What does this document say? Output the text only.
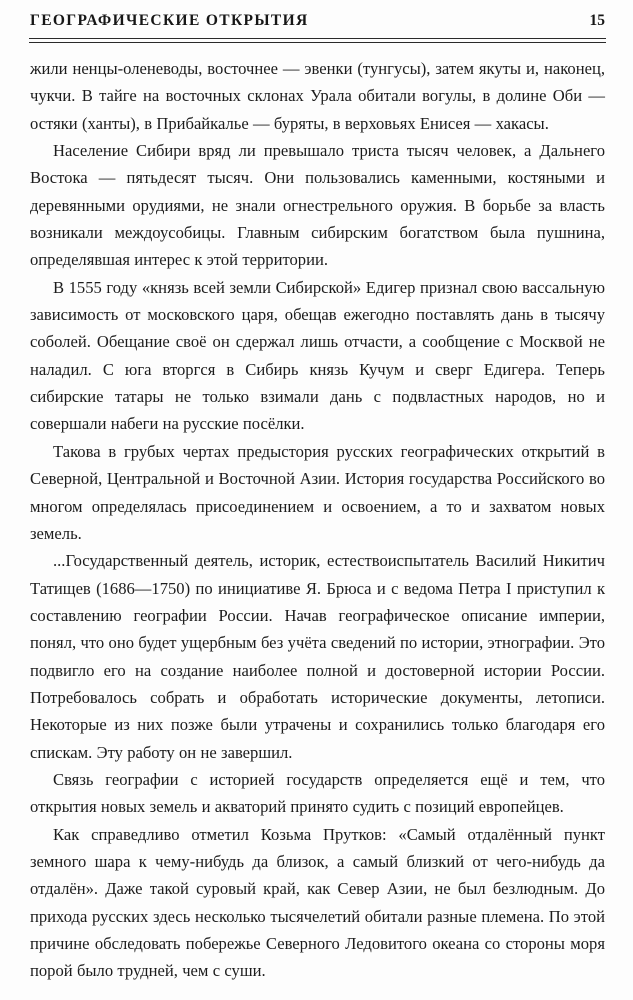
ГЕОГРАФИЧЕСКИЕ ОТКРЫТИЯ	15

жили ненцы-оленеводы, восточнее — эвенки (тунгусы), затем якуты и, наконец, чукчи. В тайге на восточных склонах Урала обитали вогулы, в долине Оби — остяки (ханты), в Прибайкалье — буряты, в верховьях Енисея — хакасы.

Население Сибири вряд ли превышало триста тысяч человек, а Дальнего Востока — пятьдесят тысяч. Они пользовались каменными, костяными и деревянными орудиями, не знали огнестрельного оружия. В борьбе за власть возникали междоусобицы. Главным сибирским богатством была пушнина, определявшая интерес к этой территории.

В 1555 году «князь всей земли Сибирской» Едигер признал свою вассальную зависимость от московского царя, обещав ежегодно поставлять дань в тысячу соболей. Обещание своё он сдержал лишь отчасти, а сообщение с Москвой не наладил. С юга вторгся в Сибирь князь Кучум и сверг Едигера. Теперь сибирские татары не только взимали дань с подвластных народов, но и совершали набеги на русские посёлки.

Такова в грубых чертах предыстория русских географических открытий в Северной, Центральной и Восточной Азии. История государства Российского во многом определялась присоединением и освоением, а то и захватом новых земель.

...Государственный деятель, историк, естествоиспытатель Василий Никитич Татищев (1686—1750) по инициативе Я. Брюса и с ведома Петра I приступил к составлению географии России. Начав географическое описание империи, понял, что оно будет ущербным без учёта сведений по истории, этнографии. Это подвигло его на создание наиболее полной и достоверной истории России. Потребовалось собрать и обработать исторические документы, летописи. Некоторые из них позже были утрачены и сохранились только благодаря его спискам. Эту работу он не завершил.

Связь географии с историей государств определяется ещё и тем, что открытия новых земель и акваторий принято судить с позиций европейцев.

Как справедливо отметил Козьма Прутков: «Самый отдалённый пункт земного шара к чему-нибудь да близок, а самый близкий от чего-нибудь да отдалён». Даже такой суровый край, как Север Азии, не был безлюдным. До прихода русских здесь несколько тысячелетий обитали разные племена. По этой причине обследовать побережье Северного Ледовитого океана со стороны моря порой было трудней, чем с суши.
